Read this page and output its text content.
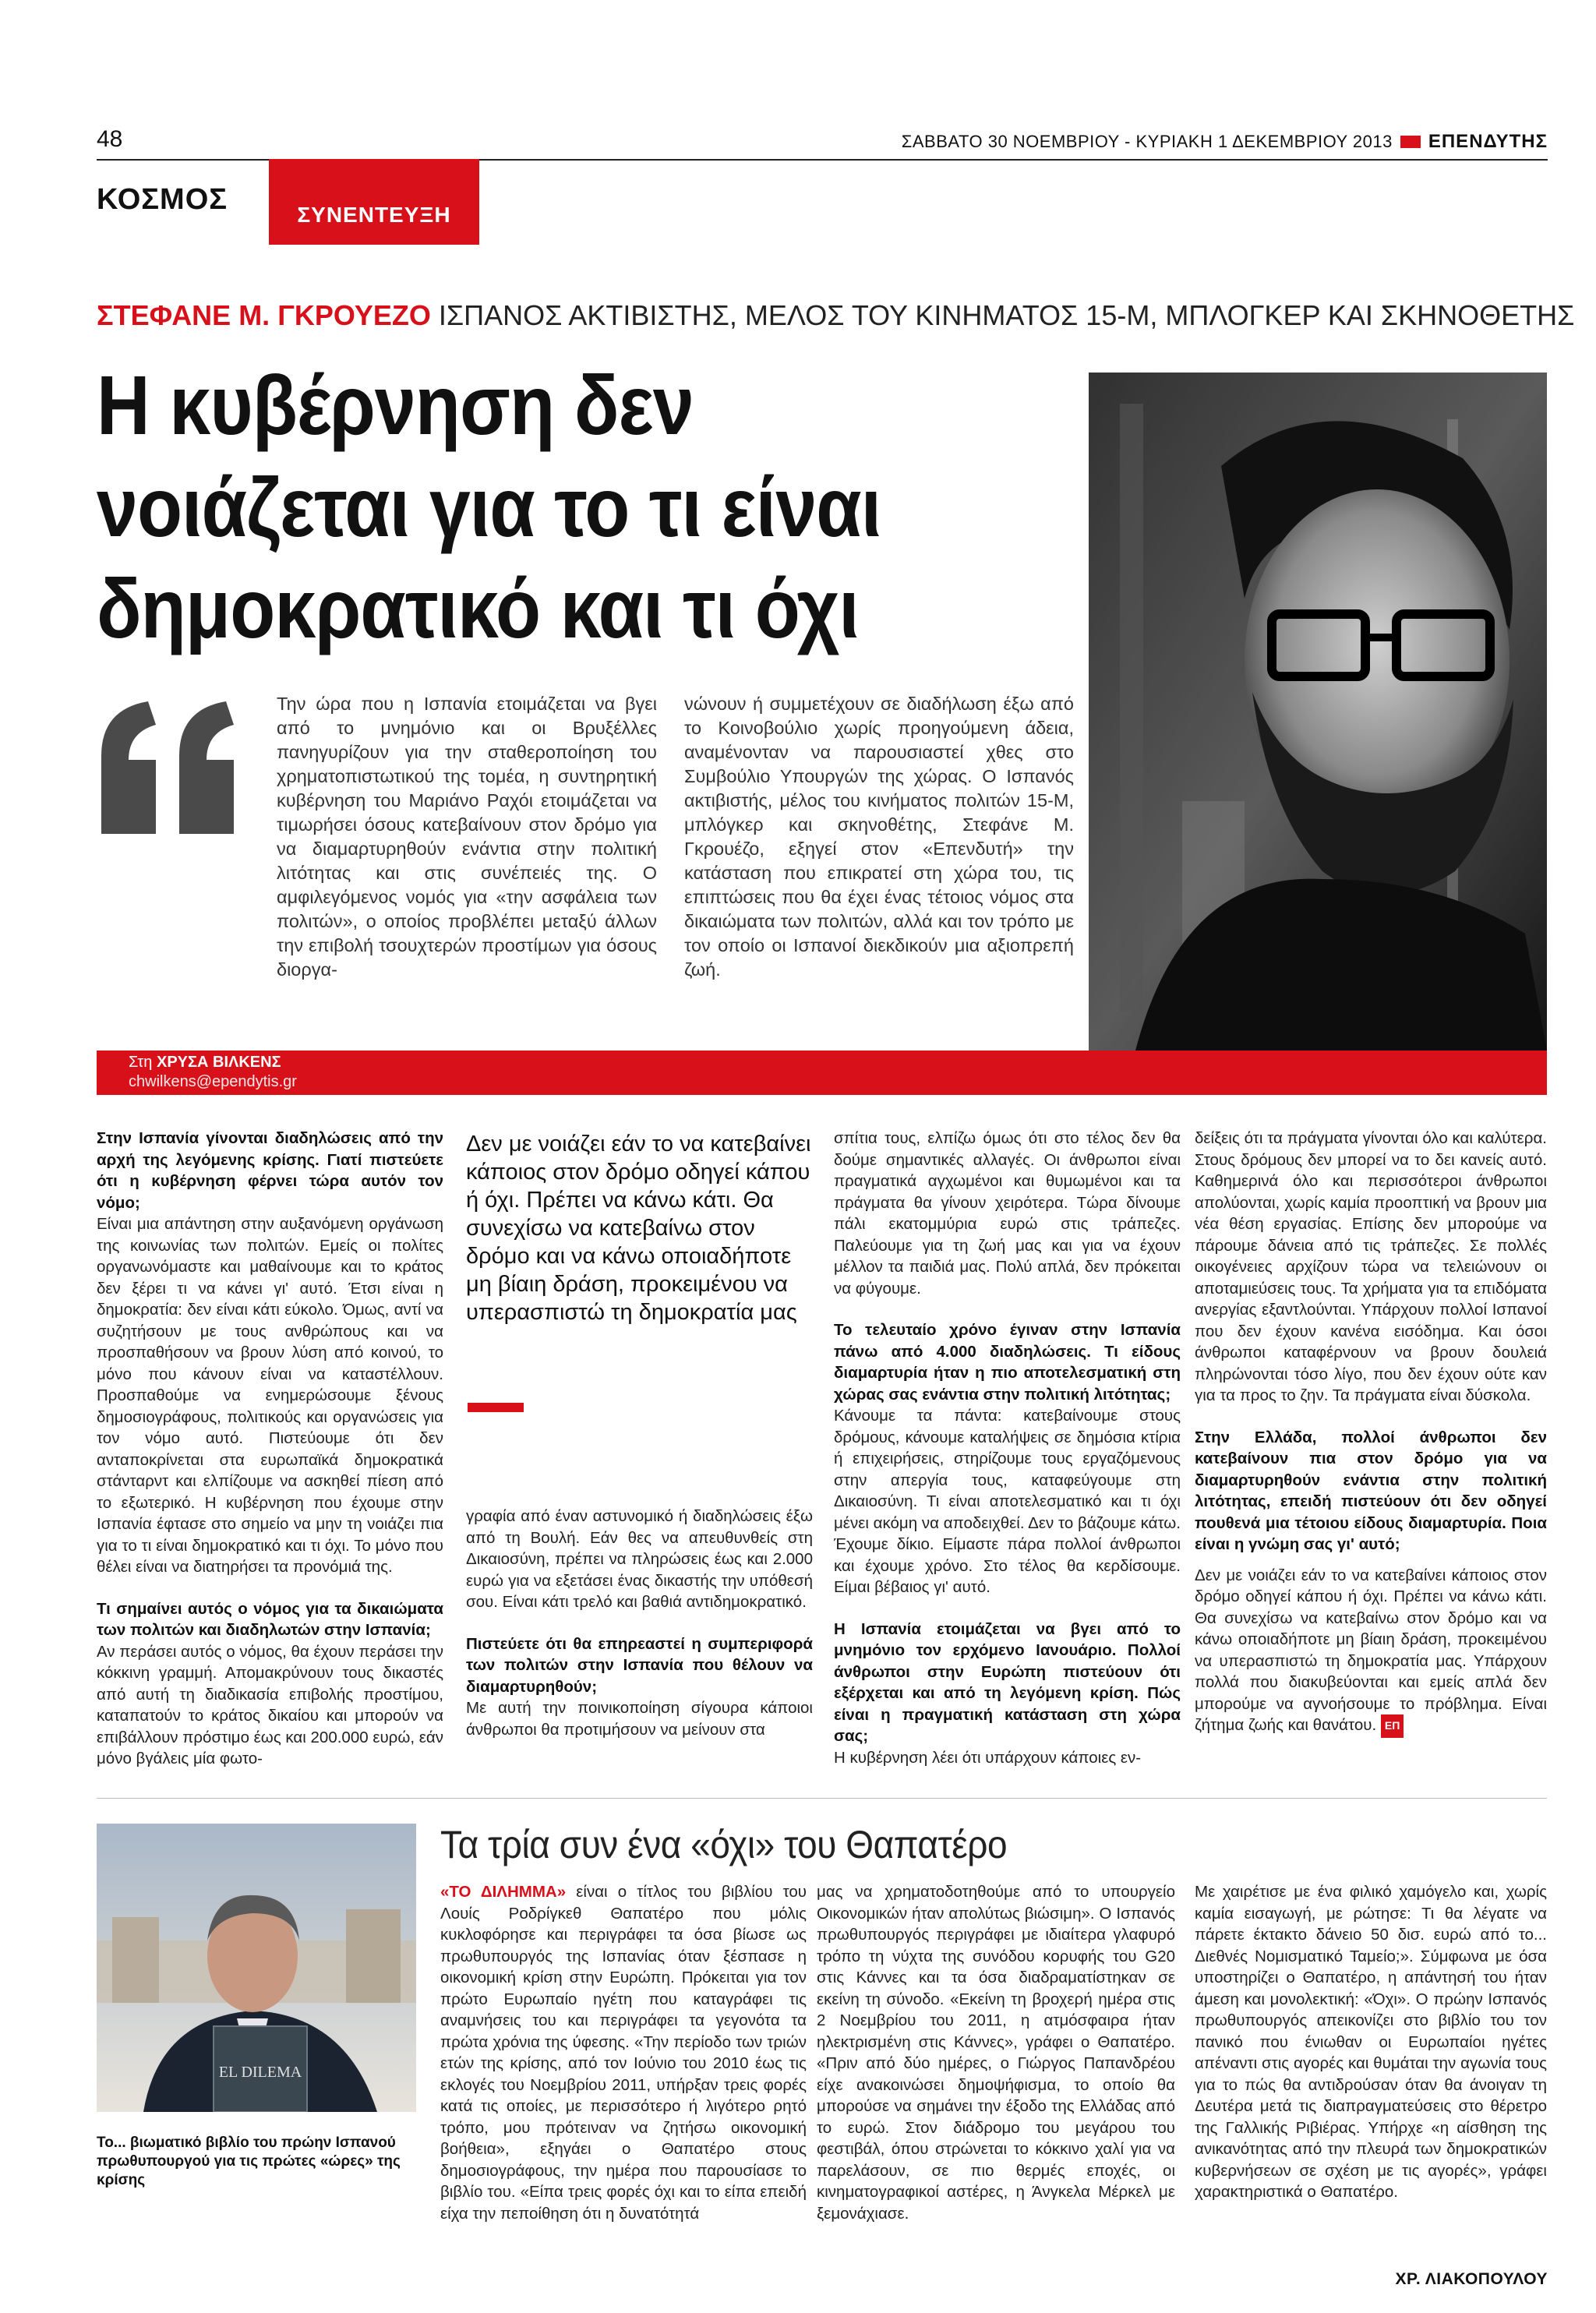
48	ΣΑΒΒΑΤΟ 30 ΝΟΕΜΒΡΙΟΥ - ΚΥΡΙΑΚΗ 1 ΔΕΚΕΜΒΡΙΟΥ 2013 ΕΠΕΝΔΥΤΗΣ
ΚΟΣΜΟΣ	ΣΥΝΕΝΤΕΥΞΗ
ΣΤΕΦΑΝΕ Μ. ΓΚΡΟΥΕΖΟ ΙΣΠΑΝΟΣ ΑΚΤΙΒΙΣΤΗΣ, ΜΕΛΟΣ ΤΟΥ ΚΙΝΗΜΑΤΟΣ 15-Μ, ΜΠΛΟΓΚΕΡ ΚΑΙ ΣΚΗΝΟΘΕΤΗΣ
Η κυβέρνηση δεν
νοιάζεται για το τι είναι
δημοκρατικό και τι όχι
Την ώρα που η Ισπανία ετοιμάζεται να βγει από το μνημόνιο και οι Βρυξέλλες πανηγυρίζουν για την σταθεροποίηση του χρηματοπιστωτικού της τομέα, η συντηρητική κυβέρνηση του Μαριάνο Ραχόι ετοιμάζεται να τιμωρήσει όσους κατεβαίνουν στον δρόμο για να διαμαρτυρηθούν ενάντια στην πολιτική λιτότητας και στις συνέπειές της. Ο αμφιλεγόμενος νομός για «την ασφάλεια των πολιτών», ο οποίος προβλέπει μεταξύ άλλων την επιβολή τσουχτερών προστίμων για όσους διοργα-
νώνουν ή συμμετέχουν σε διαδήλωση έξω από το Κοινοβούλιο χωρίς προηγούμενη άδεια, αναμένονταν να παρουσιαστεί χθες στο Συμβούλιο Υπουργών της χώρας. Ο Ισπανός ακτιβιστής, μέλος του κινήματος πολιτών 15-Μ, μπλόγκερ και σκηνοθέτης, Στεφάνε Μ. Γκρουέζο, εξηγεί στον «Επενδυτή» την κατάσταση που επικρατεί στη χώρα του, τις επιπτώσεις που θα έχει ένας τέτοιος νόμος στα δικαιώματα των πολιτών, αλλά και τον τρόπο με τον οποίο οι Ισπανοί διεκδικούν μια αξιοπρεπή ζωή.
Στη ΧΡΥΣΑ ΒΙΛΚΕΝΣ
chwilkens@ependytis.gr

Στην Ισπανία γίνονται διαδηλώσεις από την αρχή της λεγόμενης κρίσης. Γιατί πιστεύετε ότι η κυβέρνηση φέρνει τώρα αυτόν τον νόμο;

Είναι μια απάντηση στην αυξανόμενη οργάνωση της κοινωνίας των πολιτών. Εμείς οι πολίτες οργανωνόμαστε και μαθαίνουμε και το κράτος δεν ξέρει τι να κάνει γι' αυτό. Έτσι είναι η δημοκρατία: δεν είναι κάτι εύκολο. Όμως, αντί να συζητήσουν με τους ανθρώπους και να προσπαθήσουν να βρουν λύση από κοινού, το μόνο που κάνουν είναι να καταστέλλουν. Προσπαθούμε να ενημερώσουμε ξένους δημοσιογράφους, πολιτικούς και οργανώσεις για τον νόμο αυτό. Πιστεύουμε ότι δεν ανταποκρίνεται στα ευρωπαϊκά δημοκρατικά στάνταρντ και ελπίζουμε να ασκηθεί πίεση από το εξωτερικό. Η κυβέρνηση που έχουμε στην Ισπανία έφτασε στο σημείο να μην τη νοιάζει πια για το τι είναι δημοκρατικό και τι όχι. Το μόνο που θέλει είναι να διατηρήσει τα προνόμιά της.

Τι σημαίνει αυτός ο νόμος για τα δικαιώματα των πολιτών και διαδηλωτών στην Ισπανία;

Αν περάσει αυτός ο νόμος, θα έχουν περάσει την κόκκινη γραμμή. Απομακρύνουν τους δικαστές από αυτή τη διαδικασία επιβολής προστίμου, καταπατούν το κράτος δικαίου και μπορούν να επιβάλλουν πρόστιμο έως και 200.000 ευρώ, εάν μόνο βγάλεις μία φωτο-

Δεν με νοιάζει εάν το να κατεβαίνει κάποιος στον δρόμο οδηγεί κάπου ή όχι. Πρέπει να κάνω κάτι. Θα συνεχίσω να κατεβαίνω στον δρόμο και να κάνω οποιαδήποτε μη βίαιη δράση, προκειμένου να υπερασπιστώ τη δημοκρατία μας

γραφία από έναν αστυνομικό ή διαδηλώσεις έξω από τη Βουλή. Εάν θες να απευθυνθείς στη Δικαιοσύνη, πρέπει να πληρώσεις έως και 2.000 ευρώ για να εξετάσει ένας δικαστής την υπόθεσή σου. Είναι κάτι τρελό και βαθιά αντιδημοκρατικό.

Πιστεύετε ότι θα επηρεαστεί η συμπεριφορά των πολιτών στην Ισπανία που θέλουν να διαμαρτυρηθούν;

Με αυτή την ποινικοποίηση σίγουρα κάποιοι άνθρωποι θα προτιμήσουν να μείνουν στα

σπίτια τους, ελπίζω όμως ότι στο τέλος δεν θα δούμε σημαντικές αλλαγές. Οι άνθρωποι είναι πραγματικά αγχωμένοι και θυμωμένοι και τα πράγματα θα γίνουν χειρότερα. Τώρα δίνουμε πάλι εκατομμύρια ευρώ στις τράπεζες. Παλεύουμε για τη ζωή μας και για να έχουν μέλλον τα παιδιά μας. Πολύ απλά, δεν πρόκειται να φύγουμε.

Το τελευταίο χρόνο έγιναν στην Ισπανία πάνω από 4.000 διαδηλώσεις. Τι είδους διαμαρτυρία ήταν η πιο αποτελεσματική στη χώρας σας ενάντια στην πολιτική λιτότητας;

Κάνουμε τα πάντα: κατεβαίνουμε στους δρόμους, κάνουμε καταλήψεις σε δημόσια κτίρια ή επιχειρήσεις, στηρίζουμε τους εργαζόμενους στην απεργία τους, καταφεύγουμε στη Δικαιοσύνη. Τι είναι αποτελεσματικό και τι όχι μένει ακόμη να αποδειχθεί. Δεν το βάζουμε κάτω. Έχουμε δίκιο. Είμαστε πάρα πολλοί άνθρωποι και έχουμε χρόνο. Στο τέλος θα κερδίσουμε. Είμαι βέβαιος γι' αυτό.

Η Ισπανία ετοιμάζεται να βγει από το μνημόνιο τον ερχόμενο Ιανουάριο. Πολλοί άνθρωποι στην Ευρώπη πιστεύουν ότι εξέρχεται και από τη λεγόμενη κρίση. Πώς είναι η πραγματική κατάσταση στη χώρα σας;

Η κυβέρνηση λέει ότι υπάρχουν κάποιες εν-

δείξεις ότι τα πράγματα γίνονται όλο και καλύτερα. Στους δρόμους δεν μπορεί να το δει κανείς αυτό. Καθημερινά όλο και περισσότεροι άνθρωποι απολύονται, χωρίς καμία προοπτική να βρουν μια νέα θέση εργασίας. Επίσης δεν μπορούμε να πάρουμε δάνεια από τις τράπεζες. Σε πολλές οικογένειες αρχίζουν τώρα να τελειώνουν οι αποταμιεύσεις τους. Τα χρήματα για τα επιδόματα ανεργίας εξαντλούνται. Υπάρχουν πολλοί Ισπανοί που δεν έχουν κανένα εισόδημα. Και όσοι άνθρωποι καταφέρνουν να βρουν δουλειά πληρώνονται τόσο λίγο, που δεν έχουν ούτε καν για τα προς το ζην. Τα πράγματα είναι δύσκολα.

Στην Ελλάδα, πολλοί άνθρωποι δεν κατεβαίνουν πια στον δρόμο για να διαμαρτυρηθούν ενάντια στην πολιτική λιτότητας, επειδή πιστεύουν ότι δεν οδηγεί πουθενά μια τέτοιου είδους διαμαρτυρία. Ποια είναι η γνώμη σας γι' αυτό;

Δεν με νοιάζει εάν το να κατεβαίνει κάποιος στον δρόμο οδηγεί κάπου ή όχι. Πρέπει να κάνω κάτι. Θα συνεχίσω να κατεβαίνω στον δρόμο και να κάνω οποιαδήποτε μη βίαιη δράση, προκειμένου να υπερασπιστώ τη δημοκρατία μας. Υπάρχουν πολλά που διακυβεύονται και εμείς απλά δεν μπορούμε να αγνοήσουμε το πρόβλημα. Είναι ζήτημα ζωής και θανάτου. ΕΠ

EL DILEMA
Το... βιωματικό βιβλίο του πρώην Ισπανού πρωθυπουργού για τις πρώτες «ώρες» της κρίσης
Τα τρία συν ένα «όχι» του Θαπατέρο

«ΤΟ ΔΙΛΗΜΜΑ» είναι ο τίτλος του βιβλίου του Λουίς Ροδρίγκεθ Θαπατέρο που μόλις κυκλοφόρησε και περιγράφει τα όσα βίωσε ως πρωθυπουργός της Ισπανίας όταν ξέσπασε η οικονομική κρίση στην Ευρώπη. Πρόκειται για τον πρώτο Ευρωπαίο ηγέτη που καταγράφει τις αναμνήσεις του και περιγράφει τα γεγονότα τα πρώτα χρόνια της ύφεσης. «Την περίοδο των τριών ετών της κρίσης, από τον Ιούνιο του 2010 έως τις εκλογές του Νοεμβρίου 2011, υπήρξαν τρεις φορές κατά τις οποίες, με περισσότερο ή λιγότερο ρητό τρόπο, μου πρότειναν να ζητήσω οικονομική βοήθεια», εξηγάει ο Θαπατέρο στους δημοσιογράφους, την ημέρα που παρουσίασε το βιβλίο του. «Είπα τρεις φορές όχι και το είπα επειδή είχα την πεποίθηση ότι η δυνατότητά

μας να χρηματοδοτηθούμε από το υπουργείο Οικονομικών ήταν απολύτως βιώσιμη». Ο Ισπανός πρωθυπουργός περιγράφει με ιδιαίτερα γλαφυρό τρόπο τη νύχτα της συνόδου κορυφής του G20 στις Κάννες και τα όσα διαδραματίστηκαν σε εκείνη τη σύνοδο. «Εκείνη τη βροχερή ημέρα στις 2 Νοεμβρίου του 2011, η ατμόσφαιρα ήταν ηλεκτρισμένη στις Κάννες», γράφει ο Θαπατέρο. «Πριν από δύο ημέρες, ο Γιώργος Παπανδρέου είχε ανακοινώσει δημοψήφισμα, το οποίο θα μπορούσε να σημάνει την έξοδο της Ελλάδας από το ευρώ. Στον διάδρομο του μεγάρου του φεστιβάλ, όπου στρώνεται το κόκκινο χαλί για να παρελάσουν, σε πιο θερμές εποχές, οι κινηματογραφικοί αστέρες, η Άνγκελα Μέρκελ με ξεμονάχιασε.

Με χαιρέτισε με ένα φιλικό χαμόγελο και, χωρίς καμία εισαγωγή, με ρώτησε: Τι θα λέγατε να πάρετε έκτακτο δάνειο 50 δισ. ευρώ από το... Διεθνές Νομισματικό Ταμείο;». Σύμφωνα με όσα υποστηρίζει ο Θαπατέρο, η απάντησή του ήταν άμεση και μονολεκτική: «Όχι». Ο πρώην Ισπανός πρωθυπουργός απεικονίζει στο βιβλίο του τον πανικό που ένιωθαν οι Ευρωπαίοι ηγέτες απέναντι στις αγορές και θυμάται την αγωνία τους για το πώς θα αντιδρούσαν όταν θα άνοιγαν τη Δευτέρα μετά τις διαπραγματεύσεις στο θέρετρο της Γαλλικής Ριβιέρας. Υπήρχε «η αίσθηση της ανικανότητας από την πλευρά των δημοκρατικών κυβερνήσεων σε σχέση με τις αγορές», γράφει χαρακτηριστικά ο Θαπατέρο.

ΧΡ. ΛΙΑΚΟΠΟΥΛΟΥ
